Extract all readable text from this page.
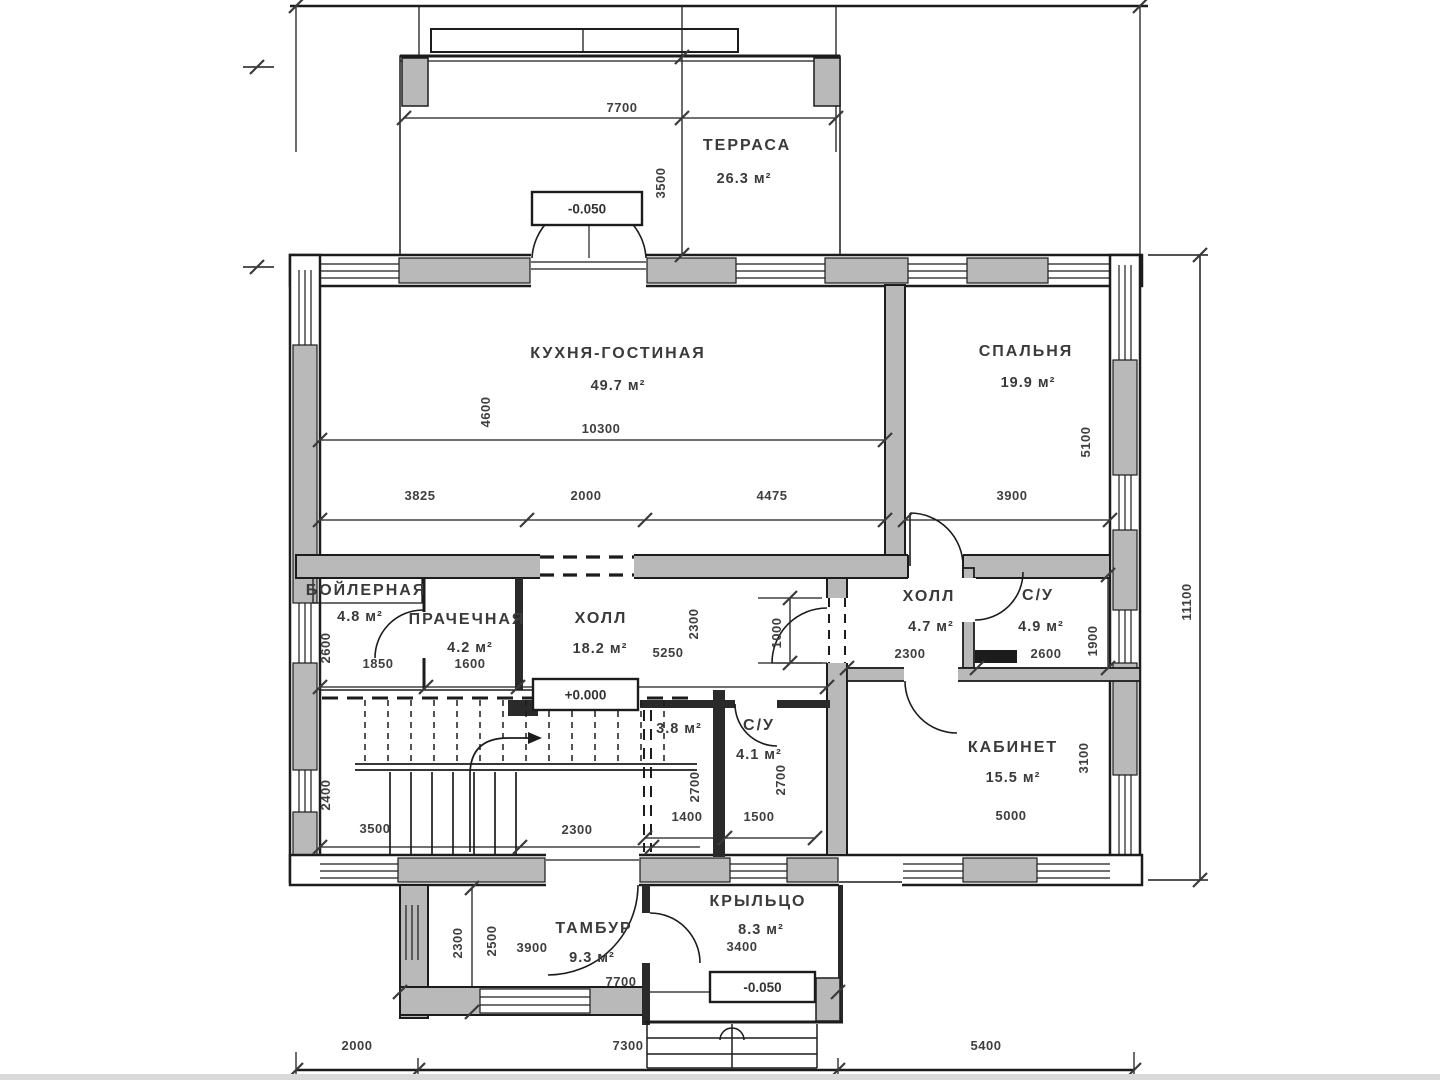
ТЕРРАСА
26.3 м²
КУХНЯ-ГОСТИНАЯ
49.7 м²
СПАЛЬНЯ
19.9 м²
БОЙЛЕРНАЯ
4.8 м² ПРАЧЕЧНАЯ
4.2 м²
ХОЛЛ
18.2 м²
ХОЛЛ
4.7 м²
С/У
4.9 м²
3.8 м²	С/У
4.1 м²	КАБИНЕТ
15.5 м²
ТАМБУР
9.3 м²
КРЫЛЬЦО
8.3 м²
7700
3500
10300
4600
5100
3825	2000	4475	3900
2600
1850	1600
5250
2300	1000
2300	2600 1900
2400	2700	2700
3100
5000
3500	2300
1400	1500
2300 2500 3900
7700
3400
11100
2000	7300	5400
-0.050
+0.000
-0.050
